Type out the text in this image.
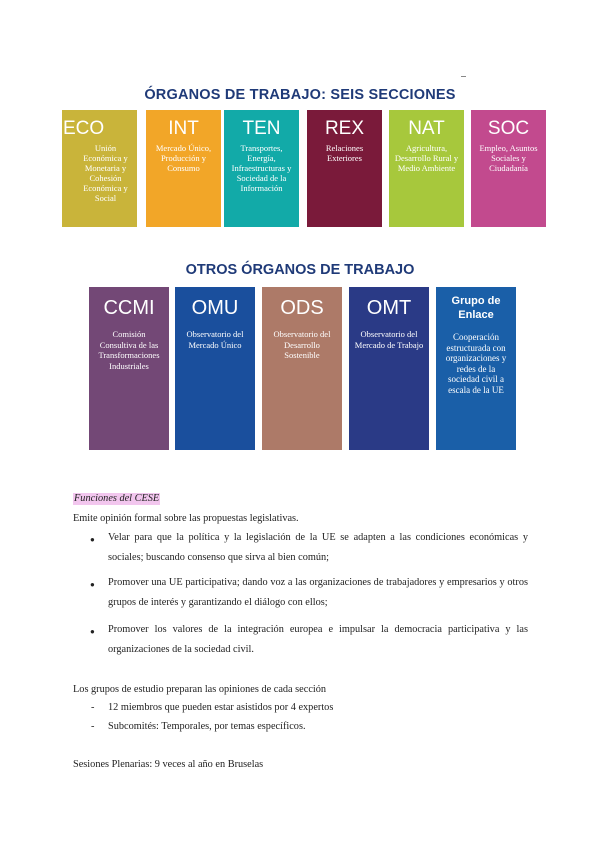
ÓRGANOS DE TRABAJO: SEIS SECCIONES
ECO
Unión Económica y Monetaria y Cohesión Económica y Social
INT
Mercado Único, Producción y Consumo
TEN
Transportes, Energía, Infraestructuras y Sociedad de la Información
REX
Relaciones Exteriores
NAT
Agricultura, Desarrollo Rural y Medio Ambiente
SOC
Empleo, Asuntos Sociales y Ciudadanía
OTROS ÓRGANOS DE TRABAJO
CCMI
Comisión Consultiva de las Transformaciones Industriales
OMU
Observatorio del Mercado Único
ODS
Observatorio del Desarrollo Sostenible
OMT
Observatorio del Mercado de Trabajo
Grupo de Enlace
Cooperación estructurada con organizaciones y redes de la sociedad civil a escala de la UE
Funciones del CESE
Emite opinión formal sobre las propuestas legislativas.
●	Velar para que la política y la legislación de la UE se adapten a las condiciones económicas y sociales; buscando consenso que sirva al bien común;
●	Promover una UE participativa; dando voz a las organizaciones de trabajadores y empresarios y otros grupos de interés y garantizando el diálogo con ellos;
●	Promover los valores de la integración europea e impulsar la democracia participativa y las organizaciones de la sociedad civil.
Los grupos de estudio preparan las opiniones de cada sección
- 12 miembros que pueden estar asistidos por 4 expertos
- Subcomités: Temporales, por temas específicos.
Sesiones Plenarias: 9 veces al año en Bruselas
